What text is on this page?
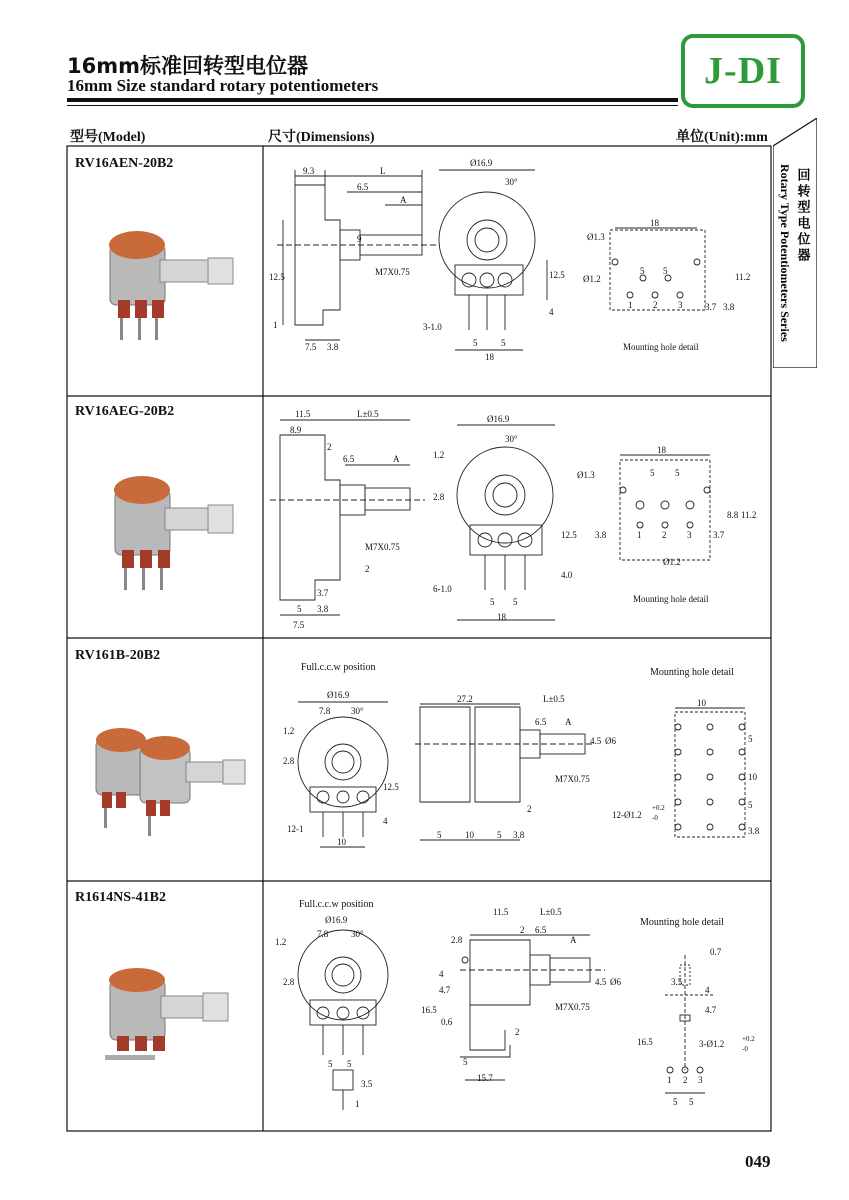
16mm标准回转型电位器
16mm Size standard rotary potentiometers	J-DI
型号(Model)	尺寸(Dimensions)	单位(Unit):mm
回转型电位器
Rotary Type Potentiometers Series
RV16AEN-20B2
RV16AEG-20B2
RV161B-20B2
R1614NS-41B2
9.3	L
6.5
A
9
M7X0.75
12.5
1
7.5 3.8
Ø16.9
30°
12.5
4
3-1.0
5	5
18
18
Ø1.3
Ø1.2
5 5
1 2 3
11.2
3.7 3.8
Mounting hole detail
11.5	L±0.5
8.9
2
6.5	A
M7X0.75
2
3.7
5 3.8
7.5
Ø16.9
30°
1.2
2.8
12.5
4.0
6-1.0
5 5
18
18
Ø1.3	5 5
1 2 3
3.8	3.7
8.8 11.2
Ø1.2
Mounting hole detail
Full.c.c.w position	Mounting hole detail
Ø16.9
7.8 30°
1.2
2.8
12.5
4
12-1
10
27.2	L±0.5
6.5 A
4.5 Ø6
M7X0.75
2
5	10	5 3.8
10
5
10
5
12-Ø1.2
+0.2
-0
3.8
Full.c.c.w position
Mounting hole detail
Ø16.9
7.8	30°
1.2
2.8
5 5
3.5
1
11.5	L±0.5
2 6.5
A
2.8
4
4.7
4.5 Ø6
M7X0.75
16.5
0.6
2
5
15.7
0.7
3.5
4
4.7
16.5	3-Ø1.2	+0.2
-0
1 2 3
5 5
049
